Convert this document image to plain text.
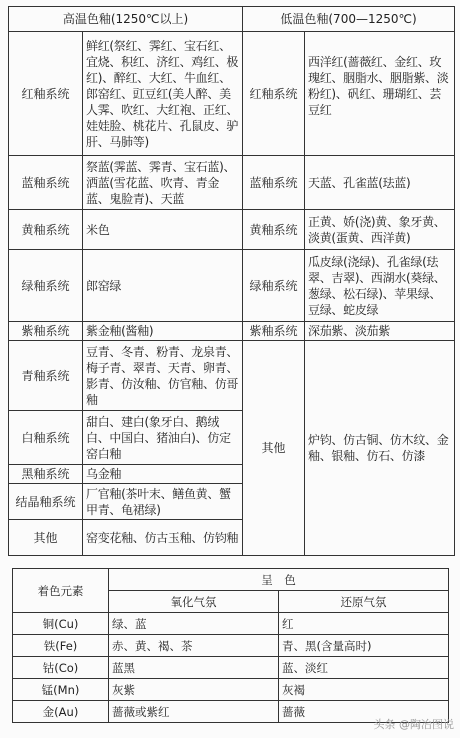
高温色釉(1250℃以上)		低温色釉(700—1250℃)	
红釉系统	鲜红(祭红、霁红、宝石红、宜烧、积红、济红、鸡红、极红)、醉红、大红、牛血红、郎窑红、豇豆红(美人醉、美人霁、吹红、大红袍、正红、娃娃脸、桃花片、孔鼠皮、驴肝、马肺等)	红釉系统	西洋红(蔷薇红、金红、玫瑰红、胭脂水、胭脂紫、淡粉红)、矾红、珊瑚红、芸豆红
蓝釉系统	祭蓝(霁蓝、霁青、宝石蓝)、洒蓝(雪花蓝、吹青、青金蓝、鬼脸青)、天蓝	蓝釉系统	天蓝、孔雀蓝(珐蓝)
黄釉系统	米色	黄釉系统	正黄、娇(浇)黄、象牙黄、淡黄(蛋黄、西洋黄)
绿釉系统	郎窑绿	绿釉系统	瓜皮绿(浇绿)、孔雀绿(珐翠、吉翠)、西湖水(葵绿、葱绿、松石绿)、苹果绿、豆绿、蛇皮绿
紫釉系统	紫金釉(酱釉)	紫釉系统	深茄紫、淡茄紫
青釉系统	豆青、冬青、粉青、龙泉青、梅子青、翠青、天青、卵青、影青、仿汝釉、仿官釉、仿哥釉	其他	炉钧、仿古铜、仿木纹、金釉、银釉、仿石、仿漆
白釉系统	甜白、建白(象牙白、鹅绒白、中国白、猪油白)、仿定窑白釉		
黑釉系统	乌金釉		
结晶釉系统	厂官釉(茶叶末、鳝鱼黄、蟹甲青、龟裙绿)		
其他	窑变花釉、仿古玉釉、仿钧釉		
着色元素	呈　色	
	氧化气氛	还原气氛
铜(Cu)	绿、蓝	红
铁(Fe)	赤、黄、褐、茶	青、黑(含量高时)
钴(Co)	蓝黑	蓝、淡红
锰(Mn)	灰紫	灰褐
金(Au)	蔷薇或紫红	蔷薇
头条 @陶冶图说
